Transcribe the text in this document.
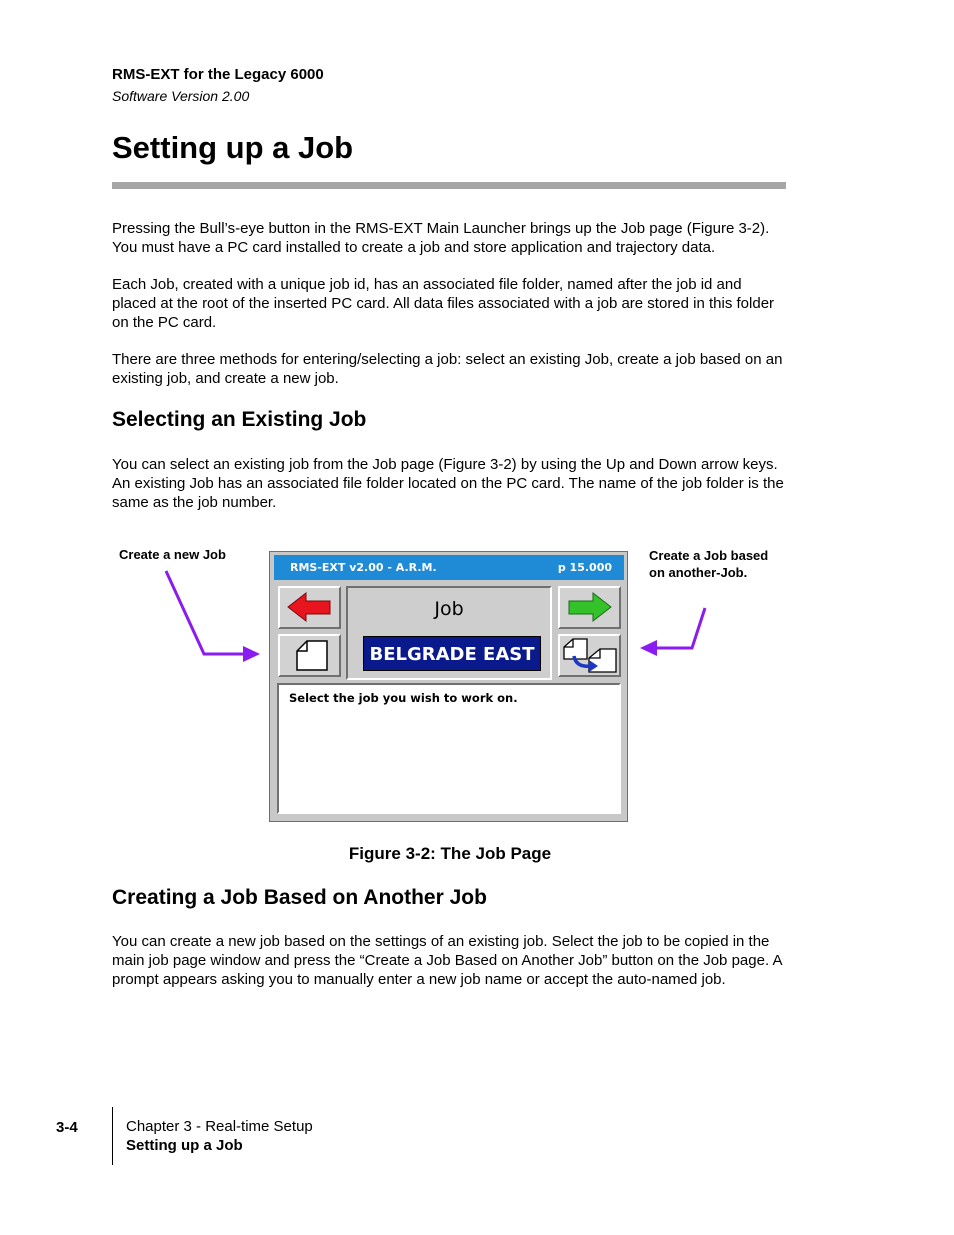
RMS-EXT for the Legacy 6000
Software Version 2.00
Setting up a Job
Pressing the Bull’s-eye button in the RMS-EXT Main Launcher brings up the Job page (Figure 3-2). You must have a PC card installed to create a job and store application and trajectory data.
Each Job, created with a unique job id, has an associated file folder, named after the job id and placed at the root of the inserted PC card. All data files associated with a job are stored in this folder on the PC card.
There are three methods for entering/selecting a job: select an existing Job, create a job based on an existing job, and create a new job.
Selecting an Existing Job
You can select an existing job from the Job page (Figure 3-2) by using the Up and Down arrow keys. An existing Job has an associated file folder located on the PC card. The name of the job folder is the same as the job number.
Create a new Job	Create a Job based on another-Job.
RMS-EXT v2.00 - A.R.M.	p 15.000
Job
BELGRADE EAST
Select the job you wish to work on.
Figure 3-2: The Job Page
Creating a Job Based on Another Job
You can create a new job based on the settings of an existing job. Select the job to be copied in the main job page window and press the “Create a Job Based on Another Job” button on the Job page. A prompt appears asking you to manually enter a new job name or accept the auto-named job.
3-4	Chapter 3 - Real-time Setup
Setting up a Job
